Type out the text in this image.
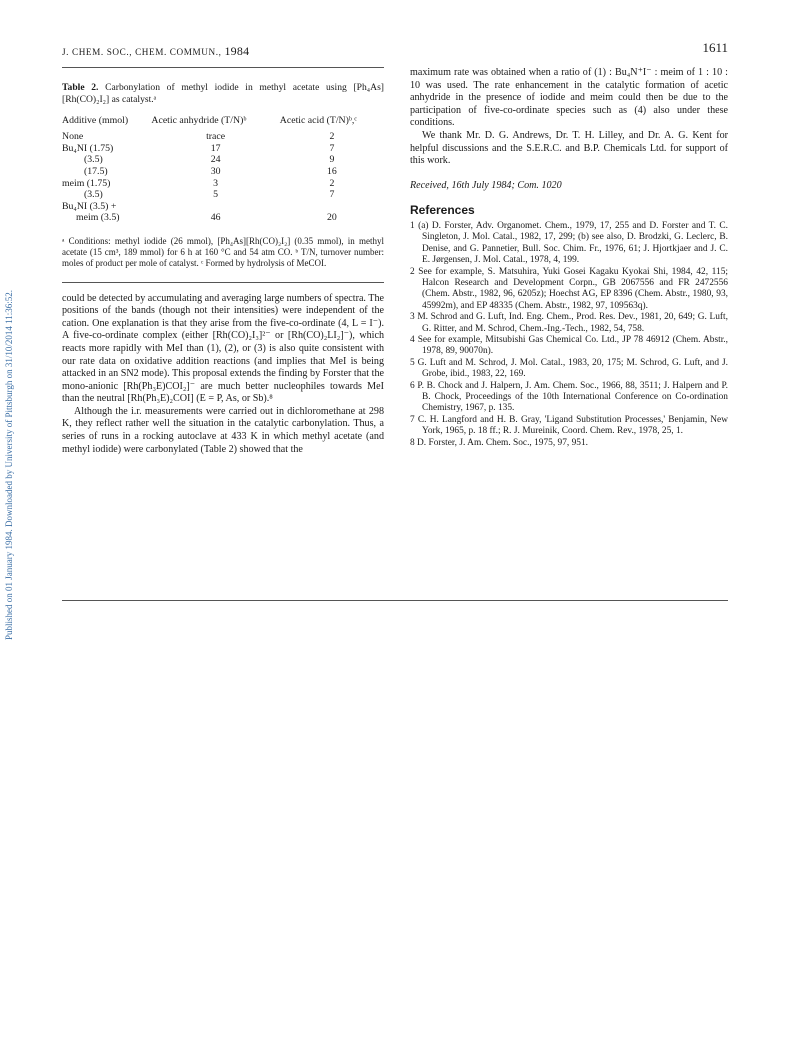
Published on 01 January 1984. Downloaded by University of Pittsburgh on 31/10/2014 11:36:52.
J. CHEM. SOC., CHEM. COMMUN., 1984	1611
Table 2. Carbonylation of methyl iodide in methyl acetate using [Ph₄As][Rh(CO)₂I₂] as catalyst.ᵃ
Additive (mmol)	Acetic anhydride (T/N)ᵇ	Acetic acid (T/N)ᵇ,ᶜ
None	trace	2
Bu₄NI (1.75)	17	7
(3.5)	24	9
(17.5)	30	16
meim (1.75)	3	2
(3.5)	5	7
Bu₄NI (3.5) +		
meim (3.5)	46	20
ᵃ Conditions: methyl iodide (26 mmol), [Ph₄As][Rh(CO)₂I₂] (0.35 mmol), in methyl acetate (15 cm³, 189 mmol) for 6 h at 160 °C and 54 atm CO. ᵇ T/N, turnover number: moles of product per mole of catalyst. ᶜ Formed by hydrolysis of MeCOI.

could be detected by accumulating and averaging large numbers of spectra. The positions of the bands (though not their intensities) were independent of the cation. One explanation is that they arise from the five-co-ordinate (4, L = I⁻). A five-co-ordinate complex (either [Rh(CO)₂I₃]²⁻ or [Rh(CO)₂LI₂]⁻), which reacts more rapidly with MeI than (1), (2), or (3) is also quite consistent with our rate data on oxidative addition reactions (and implies that MeI is being attacked in an SN2 mode). This proposal extends the finding by Forster that the mono-anionic [Rh(Ph₃E)COI₂]⁻ are much better nucleophiles towards MeI than the neutral [Rh(Ph₃E)₂COI] (E = P, As, or Sb).⁸

Although the i.r. measurements were carried out in dichloromethane at 298 K, they reflect rather well the situation in the catalytic carbonylation. Thus, a series of runs in a rocking autoclave at 433 K in which methyl acetate (and methyl iodide) were carbonylated (Table 2) showed that the

maximum rate was obtained when a ratio of (1) : Bu₄N⁺I⁻ : meim of 1 : 10 : 10 was used. The rate enhancement in the catalytic formation of acetic anhydride in the presence of iodide and meim could then be due to the participation of five-co-ordinate species such as (4) also under these conditions.

We thank Mr. D. G. Andrews, Dr. T. H. Lilley, and Dr. A. G. Kent for helpful discussions and the S.E.R.C. and B.P. Chemicals Ltd. for support of this work.

Received, 16th July 1984; Com. 1020
References
1 (a) D. Forster, Adv. Organomet. Chem., 1979, 17, 255 and D. Forster and T. C. Singleton, J. Mol. Catal., 1982, 17, 299; (b) see also, D. Brodzki, G. Leclerc, B. Denise, and G. Pannetier, Bull. Soc. Chim. Fr., 1976, 61; J. Hjortkjaer and J. C. E. Jørgensen, J. Mol. Catal., 1978, 4, 199.
2 See for example, S. Matsuhira, Yuki Gosei Kagaku Kyokai Shi, 1984, 42, 115; Halcon Research and Development Corpn., GB 2067556 and FR 2472556 (Chem. Abstr., 1982, 96, 6205z); Hoechst AG, EP 8396 (Chem. Abstr., 1980, 93, 45992m), and EP 48335 (Chem. Abstr., 1982, 97, 109563q).
3 M. Schrod and G. Luft, Ind. Eng. Chem., Prod. Res. Dev., 1981, 20, 649; G. Luft, G. Ritter, and M. Schrod, Chem.-Ing.-Tech., 1982, 54, 758.
4 See for example, Mitsubishi Gas Chemical Co. Ltd., JP 78 46912 (Chem. Abstr., 1978, 89, 90070n).
5 G. Luft and M. Schrod, J. Mol. Catal., 1983, 20, 175; M. Schrod, G. Luft, and J. Grobe, ibid., 1983, 22, 169.
6 P. B. Chock and J. Halpern, J. Am. Chem. Soc., 1966, 88, 3511; J. Halpern and P. B. Chock, Proceedings of the 10th International Conference on Co-ordination Chemistry, 1967, p. 135.
7 C. H. Langford and H. B. Gray, 'Ligand Substitution Processes,' Benjamin, New York, 1965, p. 18 ff.; R. J. Mureinik, Coord. Chem. Rev., 1978, 25, 1.
8 D. Forster, J. Am. Chem. Soc., 1975, 97, 951.
